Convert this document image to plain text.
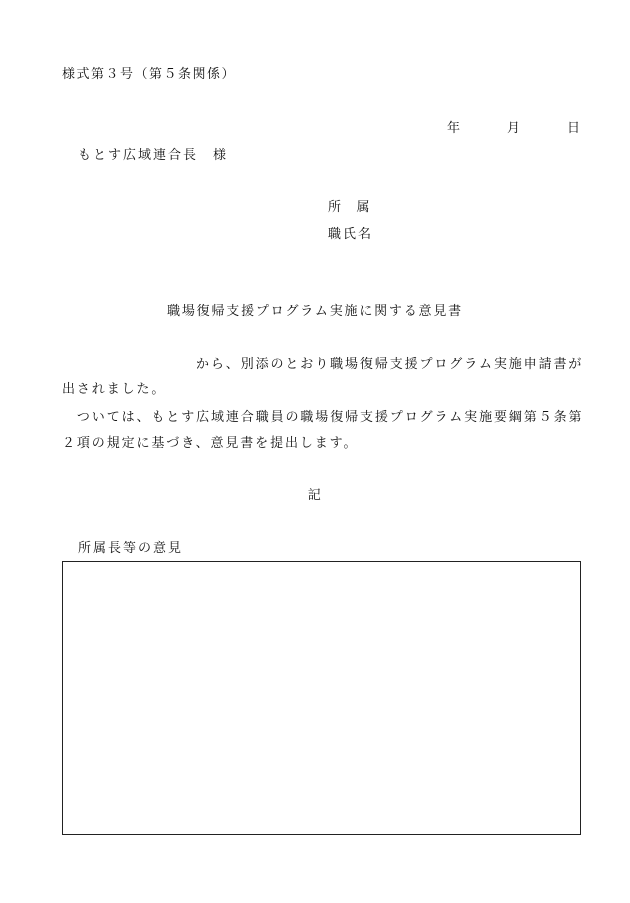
様式第３号（第５条関係）
年	月	日
もとす広域連合長　様
所 属
職氏名
職場復帰支援プログラム実施に関する意見書
から、別添のとおり職場復帰支援プログラム実施申請書が
出されました。
　ついては、もとす広域連合職員の職場復帰支援プログラム実施要綱第５条第
２項の規定に基づき、意見書を提出します。
記
所属長等の意見
